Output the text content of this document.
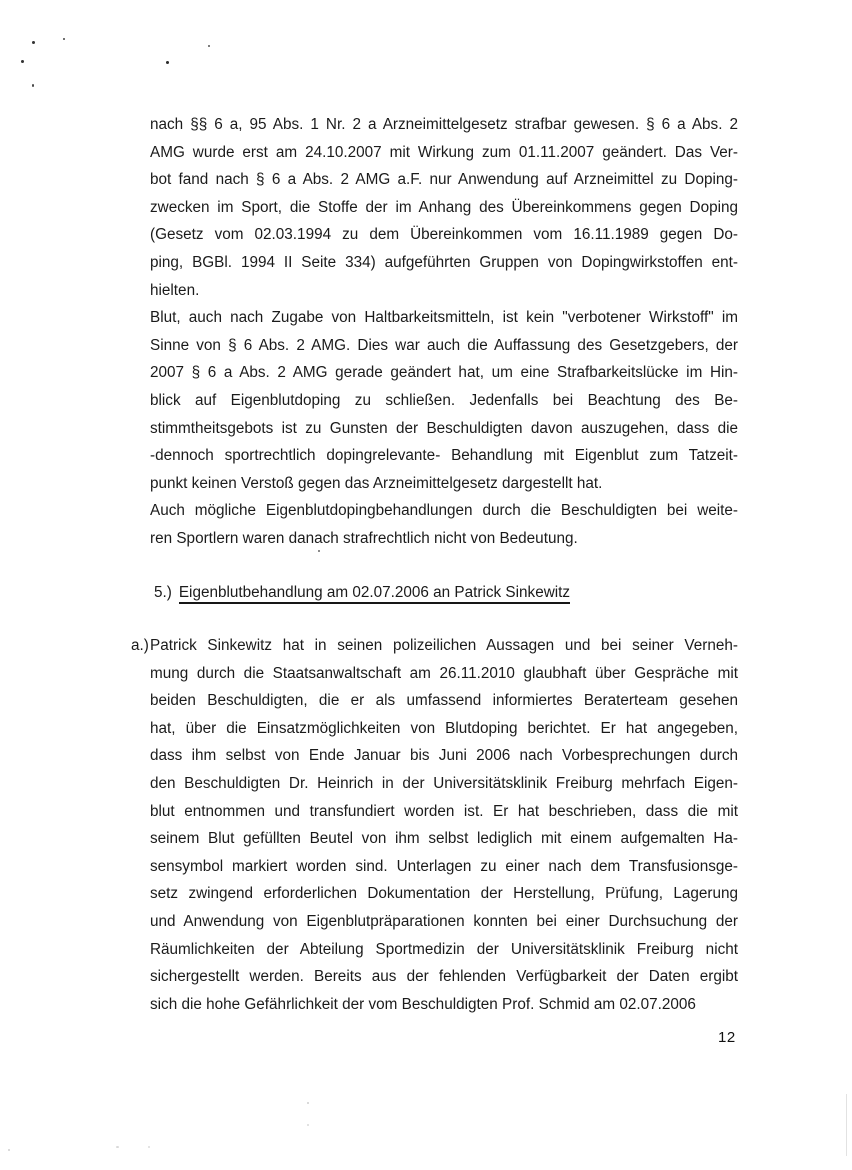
nach §§ 6 a, 95 Abs. 1 Nr. 2 a Arzneimittelgesetz strafbar gewesen. § 6 a Abs. 2
AMG wurde erst am 24.10.2007 mit Wirkung zum 01.11.2007 geändert. Das Ver-
bot fand nach § 6 a Abs. 2 AMG a.F. nur Anwendung auf Arzneimittel zu Doping-
zwecken im Sport, die Stoffe der im Anhang des Übereinkommens gegen Doping
(Gesetz vom 02.03.1994 zu dem Übereinkommen vom 16.11.1989 gegen Do-
ping, BGBl. 1994 II Seite 334) aufgeführten Gruppen von Dopingwirkstoffen ent-
hielten.
Blut, auch nach Zugabe von Haltbarkeitsmitteln, ist kein "verbotener Wirkstoff" im
Sinne von § 6 Abs. 2 AMG. Dies war auch die Auffassung des Gesetzgebers, der
2007 § 6 a Abs. 2 AMG gerade geändert hat, um eine Strafbarkeitslücke im Hin-
blick auf Eigenblutdoping zu schließen. Jedenfalls bei Beachtung des Be-
stimmtheitsgebots ist zu Gunsten der Beschuldigten davon auszugehen, dass die
-dennoch sportrechtlich dopingrelevante- Behandlung mit Eigenblut zum Tatzeit-
punkt keinen Verstoß gegen das Arzneimittelgesetz dargestellt hat.
Auch mögliche Eigenblutdopingbehandlungen durch die Beschuldigten bei weite-
ren Sportlern waren danach strafrechtlich nicht von Bedeutung.
5.) Eigenblutbehandlung am 02.07.2006 an Patrick Sinkewitz
a.) Patrick Sinkewitz hat in seinen polizeilichen Aussagen und bei seiner Verneh-
mung durch die Staatsanwaltschaft am 26.11.2010 glaubhaft über Gespräche mit
beiden Beschuldigten, die er als umfassend informiertes Beraterteam gesehen
hat, über die Einsatzmöglichkeiten von Blutdoping berichtet. Er hat angegeben,
dass ihm selbst von Ende Januar bis Juni 2006 nach Vorbesprechungen durch
den Beschuldigten Dr. Heinrich in der Universitätsklinik Freiburg mehrfach Eigen-
blut entnommen und transfundiert worden ist. Er hat beschrieben, dass die mit
seinem Blut gefüllten Beutel von ihm selbst lediglich mit einem aufgemalten Ha-
sensymbol markiert worden sind. Unterlagen zu einer nach dem Transfusionsge-
setz zwingend erforderlichen Dokumentation der Herstellung, Prüfung, Lagerung
und Anwendung von Eigenblutpräparationen konnten bei einer Durchsuchung der
Räumlichkeiten der Abteilung Sportmedizin der Universitätsklinik Freiburg nicht
sichergestellt werden. Bereits aus der fehlenden Verfügbarkeit der Daten ergibt
sich die hohe Gefährlichkeit der vom Beschuldigten Prof. Schmid am 02.07.2006
12
